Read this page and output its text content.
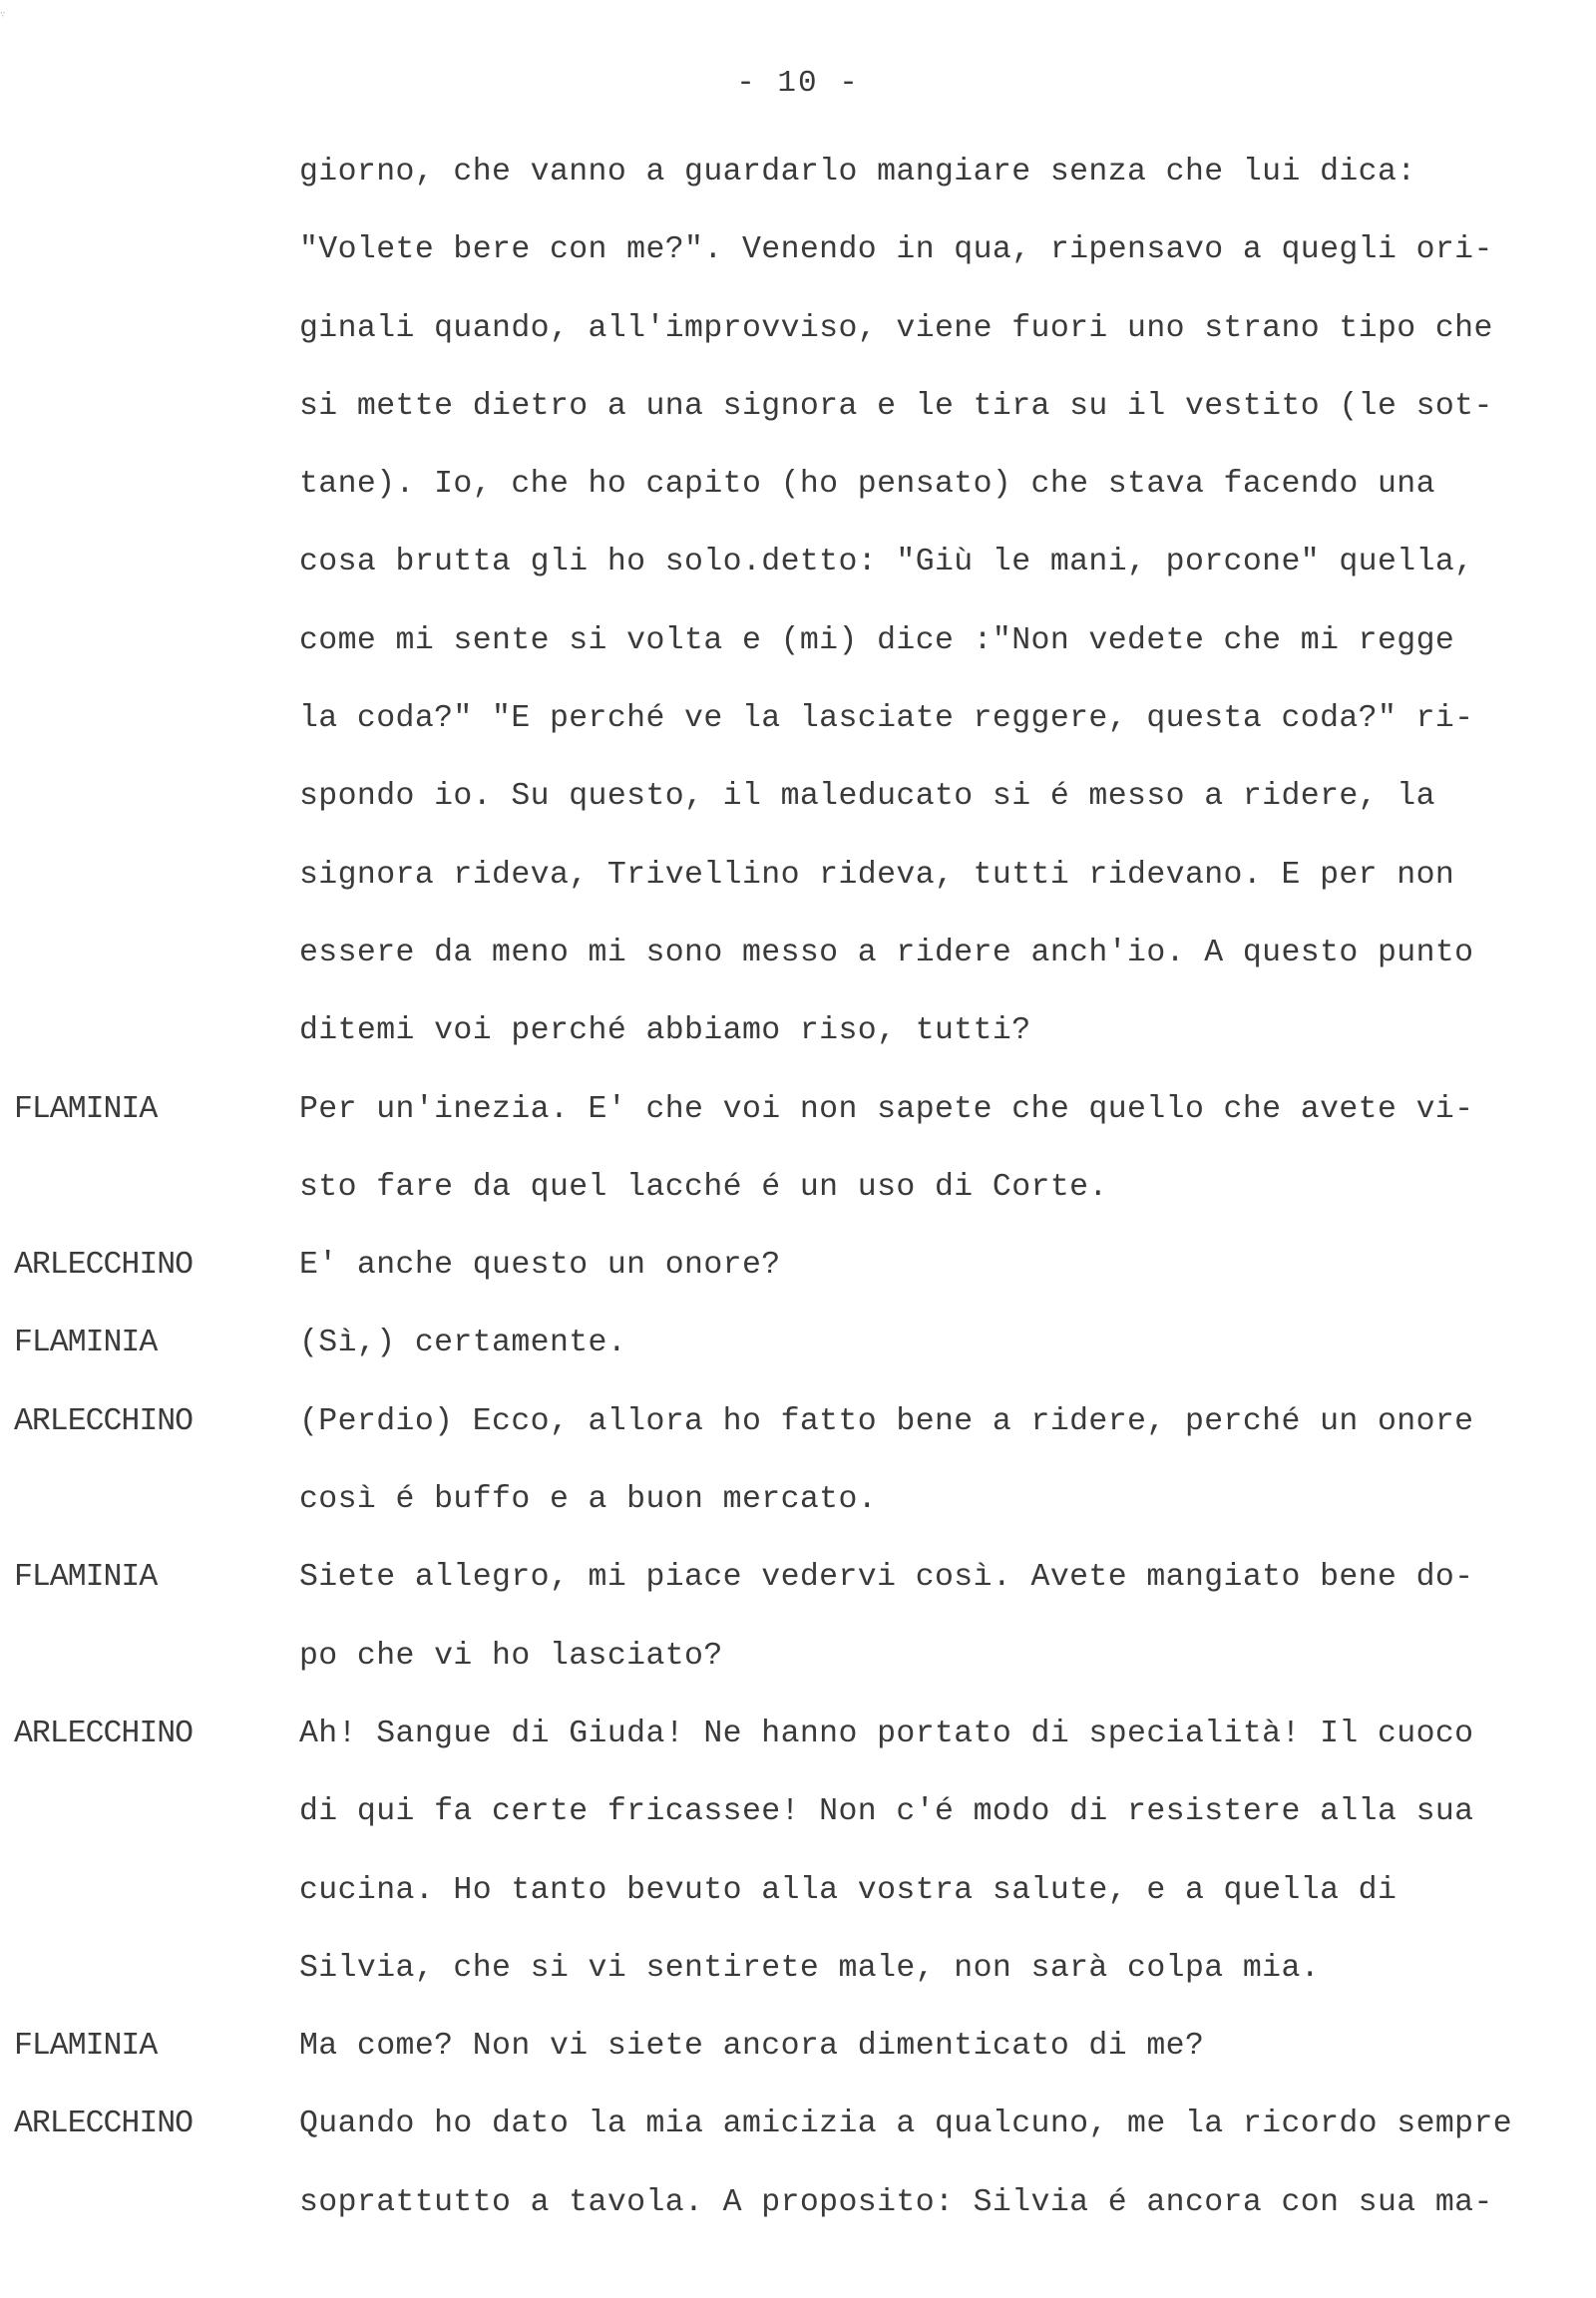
∵
- 10 -
giorno, che vanno a guardarlo mangiare senza che lui dica:
"Volete bere con me?". Venendo in qua, ripensavo a quegli ori-
ginali quando, all'improvviso, viene fuori uno strano tipo che
si mette dietro a una signora e le tira su il vestito (le sot-
tane). Io, che ho capito (ho pensato) che stava facendo una
cosa brutta gli ho solo.detto: "Giù le mani, porcone" quella,
come mi sente si volta e (mi) dice :"Non vedete che mi regge
la coda?" "E perché ve la lasciate reggere, questa coda?" ri-
spondo io. Su questo, il maleducato si é messo a ridere, la
signora rideva, Trivellino rideva, tutti ridevano. E per non
essere da meno mi sono messo a ridere anch'io. A questo punto
ditemi voi perché abbiamo riso, tutti?
FLAMINIA	Per un'inezia. E' che voi non sapete che quello che avete vi-
sto fare da quel lacché é un uso di Corte.
ARLECCHINO	E' anche questo un onore?
FLAMINIA	(Sì,) certamente.
ARLECCHINO	(Perdio) Ecco, allora ho fatto bene a ridere, perché un onore
così é buffo e a buon mercato.
FLAMINIA	Siete allegro, mi piace vedervi così. Avete mangiato bene do-
po che vi ho lasciato?
ARLECCHINO	Ah! Sangue di Giuda! Ne hanno portato di specialità! Il cuoco
di qui fa certe fricassee! Non c'é modo di resistere alla sua
cucina. Ho tanto bevuto alla vostra salute, e a quella di
Silvia, che si vi sentirete male, non sarà colpa mia.
FLAMINIA	Ma come? Non vi siete ancora dimenticato di me?
ARLECCHINO	Quando ho dato la mia amicizia a qualcuno, me la ricordo sempre
soprattutto a tavola. A proposito: Silvia é ancora con sua ma-
